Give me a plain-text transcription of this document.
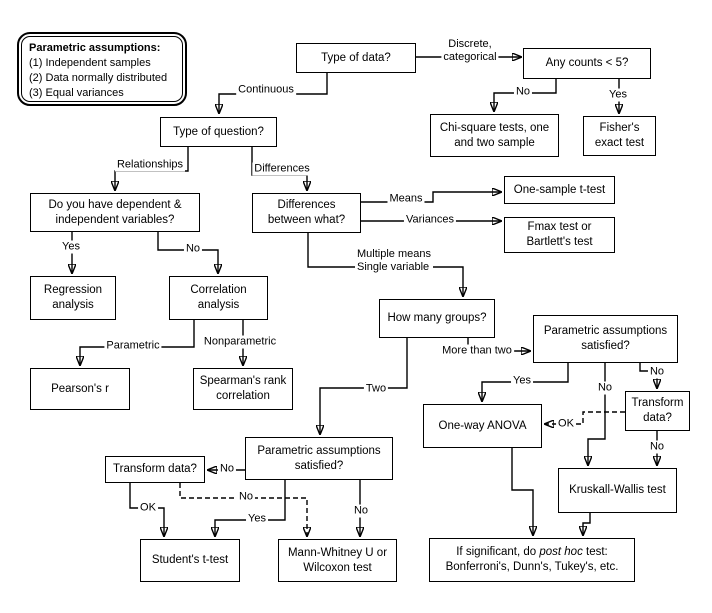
Parametric assumptions:
(1) Independent samples
(2) Data normally distributed
(3) Equal variances
Type of data?	Any counts < 5?
Chi-square tests, one
and two sample
Fisher's
exact test
Type of question?
Do you have dependent &
independent variables?
Differences
between what?
One-sample t-test
Fmax test or
Bartlett's test
Regression
analysis
Correlation
analysis
Pearson's r
Spearman's rank
correlation
How many groups?
Parametric assumptions
satisfied?
Transform
data?
One-way ANOVA
Kruskall-Wallis test
If significant, do post hoc test:
Bonferroni's, Dunn's, Tukey's, etc.
Transform data?
Parametric assumptions
satisfied?
Student's t-test
Mann-Whitney U or
Wilcoxon test
Discrete,
categorical
Continuous	No	Yes
Relationships	Differences
Yes	No
Parametric	Nonparametric
Means
Variances
Multiple means
Single variable
More than two
Two
Yes
No
No
OK
No
No
OK
Yes
No
No
